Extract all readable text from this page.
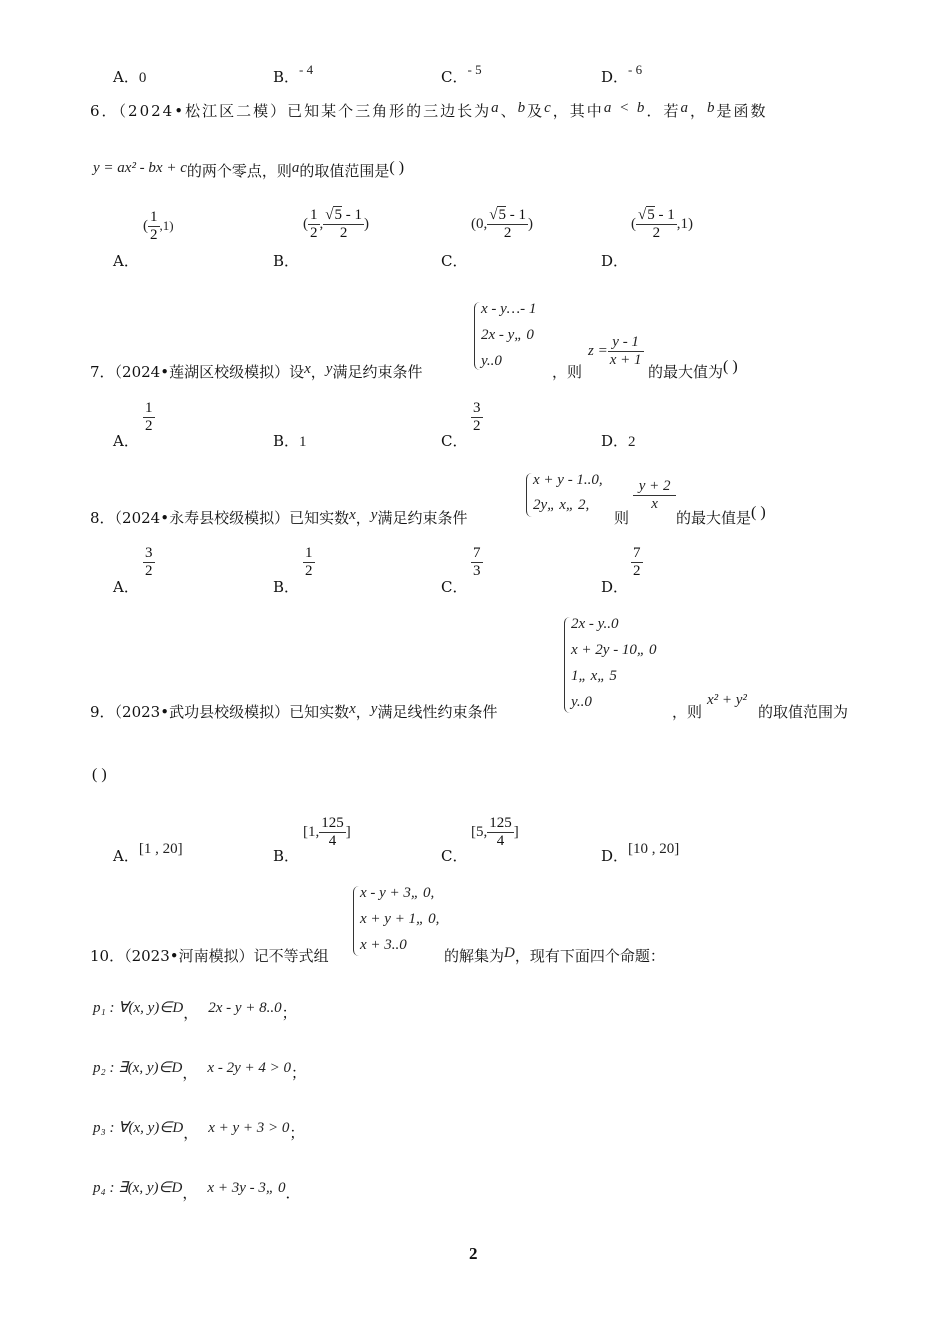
A．0	B．- 4	C．- 5	D．- 6
6．（2024•松江区二模）已知某个三角形的三边长为a、b及c，其中a < b．若a，b是函数
y = ax² - bx + c的两个零点，则a的取值范围是( )
A．
( $\frac{1}{2} ,1$)
B．
( $\frac{1}{2}$ , $\frac{√5 - 1}{2}$ )
C．
(0, $\frac{√5 - 1}{2}$ )
D．
( $\frac{√5 - 1}{2} ,1$)
x - y…- 1
2x - y„ 0
y..0
7．（2024•莲湖区校级模拟）设x，y满足约束条件	，则
$z = \frac{y - 1}{x + 1}$
的最大值为( )
A．
$\frac{1}{2}$
B．1	C．
$\frac{3}{2}$
D．2
x + y - 1..0,
2y„ x„ 2,
8．（2024•永寿县校级模拟）已知实数x，y满足约束条件	则
$\frac{y + 2}{x}$
的最大值是( )
A．
$\frac{3}{2}$
B．
$\frac{1}{2}$
C．
$\frac{7}{3}$
D．
$\frac{7}{2}$
2x - y..0
x + 2y - 10„ 0
1„ x„ 5
y..0
9．（2023•武功县校级模拟）已知实数x，y满足线性约束条件	，则
x² + y²
的取值范围为
( )
A．[1 , 20]	B．
[1, $\frac{125}{4}$ ]
C．
[5, $\frac{125}{4}$ ]
D．[10 , 20]
x - y + 3„ 0,
x + y + 1„ 0,
x + 3..0
10．（2023•河南模拟）记不等式组	的解集为D，现有下面四个命题：
p₁ : ∀(x, y)∈D， 2x - y + 8..0；
p₂ : ∃(x, y)∈D， x - 2y + 4 > 0；
p₃ : ∀(x, y)∈D， x + y + 3 > 0；
p₄ : ∃(x, y)∈D， x + 3y - 3„ 0．
2
